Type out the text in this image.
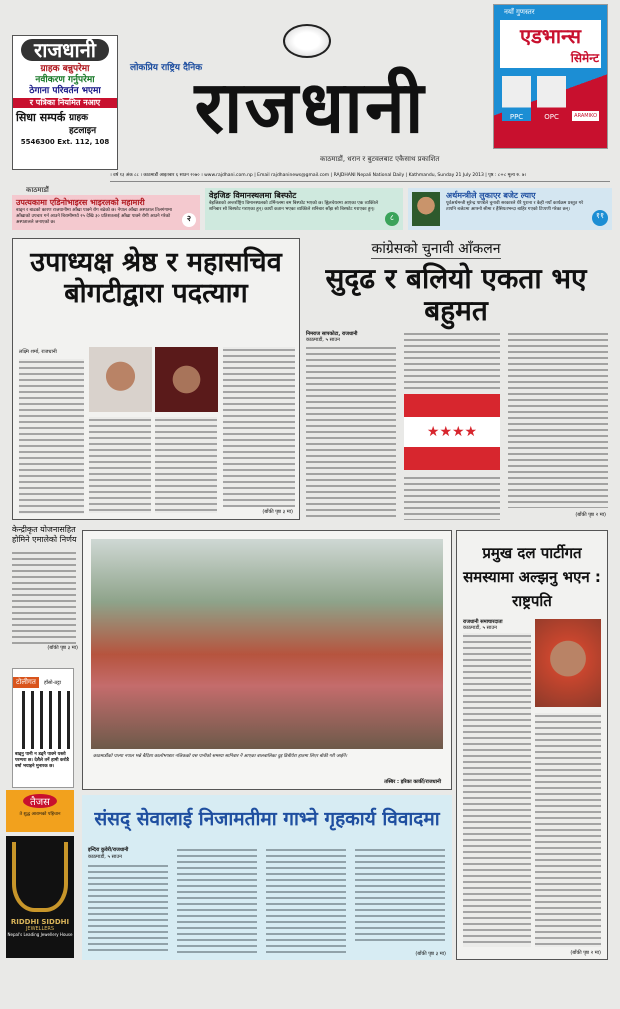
राजधानी
ग्राहक बन्नुपरेमा
नवीकरण गर्नुपरेमा
ठेगाना परिवर्तन भएमा
र पत्रिका नियमित नआए
सिधा सम्पर्क ग्राहक हटलाइन
5546300 Ext. 112, 108
लोकप्रिय राष्ट्रिय दैनिक
राजधानी
काठमाडौं, धरान र बुटवलबाट एकैसाथ प्रकाशित
नयाँ गुणस्तर
एडभान्स
सिमेन्ट
PPC	OPC	ARAMIKO
काठमाडौं
। वर्ष १३ अंक ८८ । काठमाडौं आइतबार ६ साउन २०७० । www.rajdhani.com.np | Email rajdhaninews@gmail.com | RAJDHANI Nepali National Daily | Kathmandu, Sunday 21 July 2013 | पृष्ठ : ८+८ मूल्य रु. ७।
उपत्यकामा एडिनोभाइरस भाइरलको महामारी
बाढ्न र बाढको कारण राजधानीमा आँखा पाक्ने रोग बढेको छ। नेपाल आँखा अस्पताल तिलगंगामा आँखाको उपचार गर्न आउने बिरामीमध्ये २५ देखि ३० प्रतिशतलाई आँखा पाक्ने रोगी आउने गरेको अस्पतालले जनाएको छ।	२
वेइजिङ विमानस्थलमा बिस्फोट
बेइजिङको अन्तर्राष्ट्रिय विमानस्थलको टर्मिनलमा बम बिस्फोट भएको छ। ह्विलचेयरमा आएका एक व्यक्तिले शनिबार सो बिस्फोट गराएका हुन्। कार्यो कतान भएका व्यक्तिले शनिबार साँझ सो बिस्फोट गराएका हुन्।
८
अर्थमन्त्रीले लुकाएर बजेट ल्याए
पूर्वअर्थमन्त्री सुरेन्द्र पाण्डेले चुनावी सरकारले धेरै पुराना र केही नयाँ कार्यक्रम प्रस्तुत गरे तापनि बजेटमा आफ्नो सीमा र हैसियतभन्दा बाहिर गएको टिप्पणी गरेका छन्।
११
उपाध्यक्ष श्रेष्ठ र महासचिव बोगटीद्वारा पदत्याग
लक्ष्मि शर्मा, राजधानी
(बाँकी पृष्ठ ३ मा)
कांग्रेसको चुनावी आँकलन
सुदृढ र बलियो एकता भए बहुमत
निमराज सापकोटा, राजधानी
काठमाडौं, ५ साउन
★★★★
(बाँकी पृष्ठ २ मा)
केन्द्रीकृत योजनासहित होमिने एमालेको निर्णय
(बाँकी पृष्ठ ३ मा)
टोलीगत हाँसो-ठट्टा
बाढ्नु पानी न डढ्नै पाक्ने यस्तो परम्परा छ। देशैले तर्ने हामी करोडै वर्षा भयाइने मुनारक छ।
तैजस
ते शुद्ध आरामको पहिचान
RIDDHI SIDDHI
JEWELLERS
Nepal's Leading Jewellery House
काठमाडौंको पाल्पा नपाल भन्ने बैदिशा कालोभण्डार नजिकको यस पानीको समस्या सानिबार नै आएका बालबालिका दुइ डिबीयेरा हातमा लिएर बोकी गरी जाईनै।
तस्बिर : इरिका कार्की/राजधानी
प्रमुख दल पार्टीगत समस्यामा अल्झनु भएन : राष्ट्रपति
राजधानी समाचारदाता
काठमाडौं, ५ साउन
(बाँकी पृष्ठ २ मा)
संसद् सेवालाई निजामतीमा गाभ्ने गृहकार्य विवादमा
इन्दिरा कुवेरी/राजधानी
काठमाडौं, ५ साउन
(बाँकी पृष्ठ ३ मा)
